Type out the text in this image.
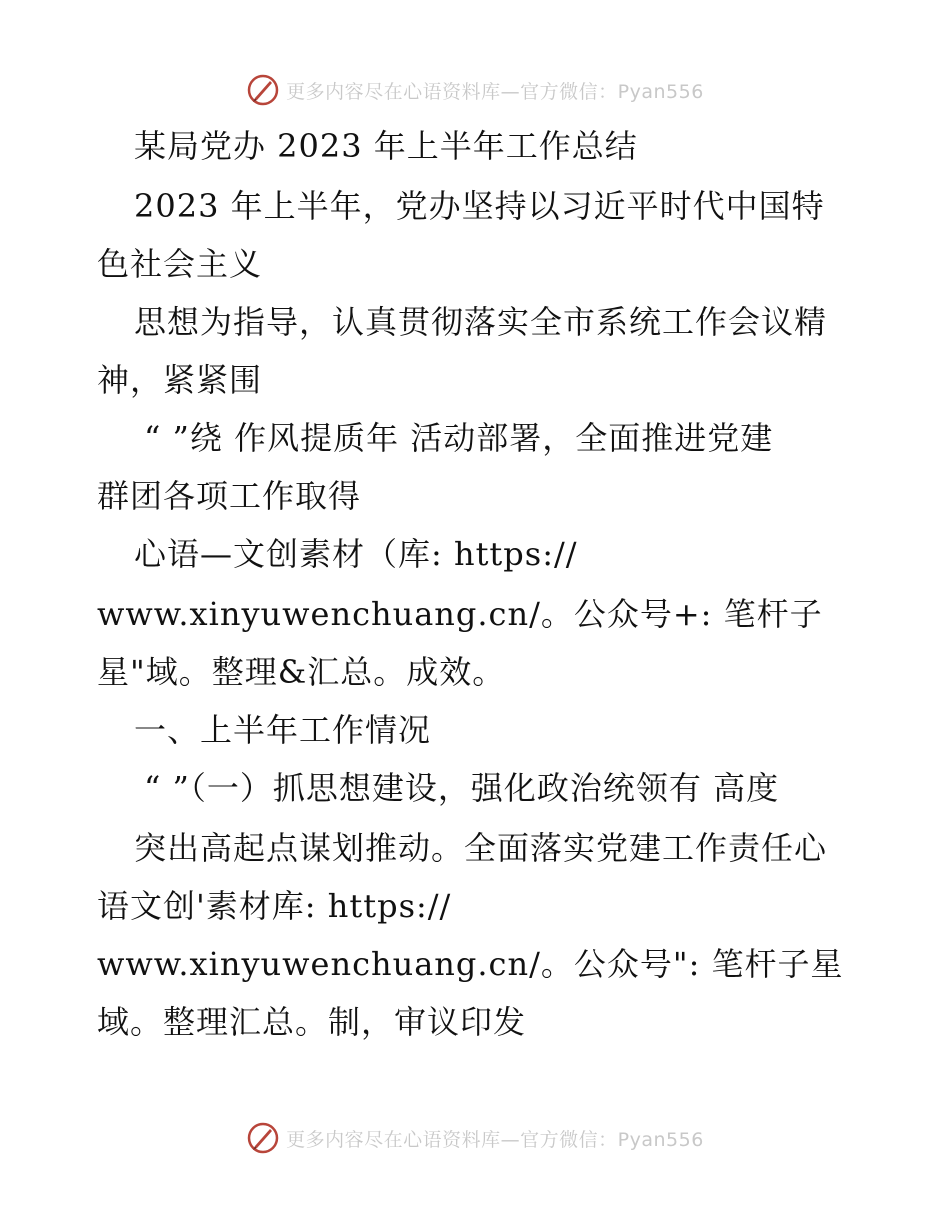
更多内容尽在心语资料库—官方微信：Pyan556
某局党办 2023 年上半年工作总结
2023 年上半年，党办坚持以习近平时代中国特
色社会主义
思想为指导，认真贯彻落实全市系统工作会议精
神，紧紧围
“ ”绕 作风提质年 活动部署，全面推进党建
群团各项工作取得
心语—文创素材（库: https://
www.xinyuwenchuang.cn/。公众号+: 笔杆子
星"域。整理&汇总。成效。
一、上半年工作情况
“ ”（一）抓思想建设，强化政治统领有 高度
突出高起点谋划推动。全面落实党建工作责任心
语文创'素材库: https://
www.xinyuwenchuang.cn/。公众号": 笔杆子星
域。整理汇总。制，审议印发
更多内容尽在心语资料库—官方微信：Pyan556
